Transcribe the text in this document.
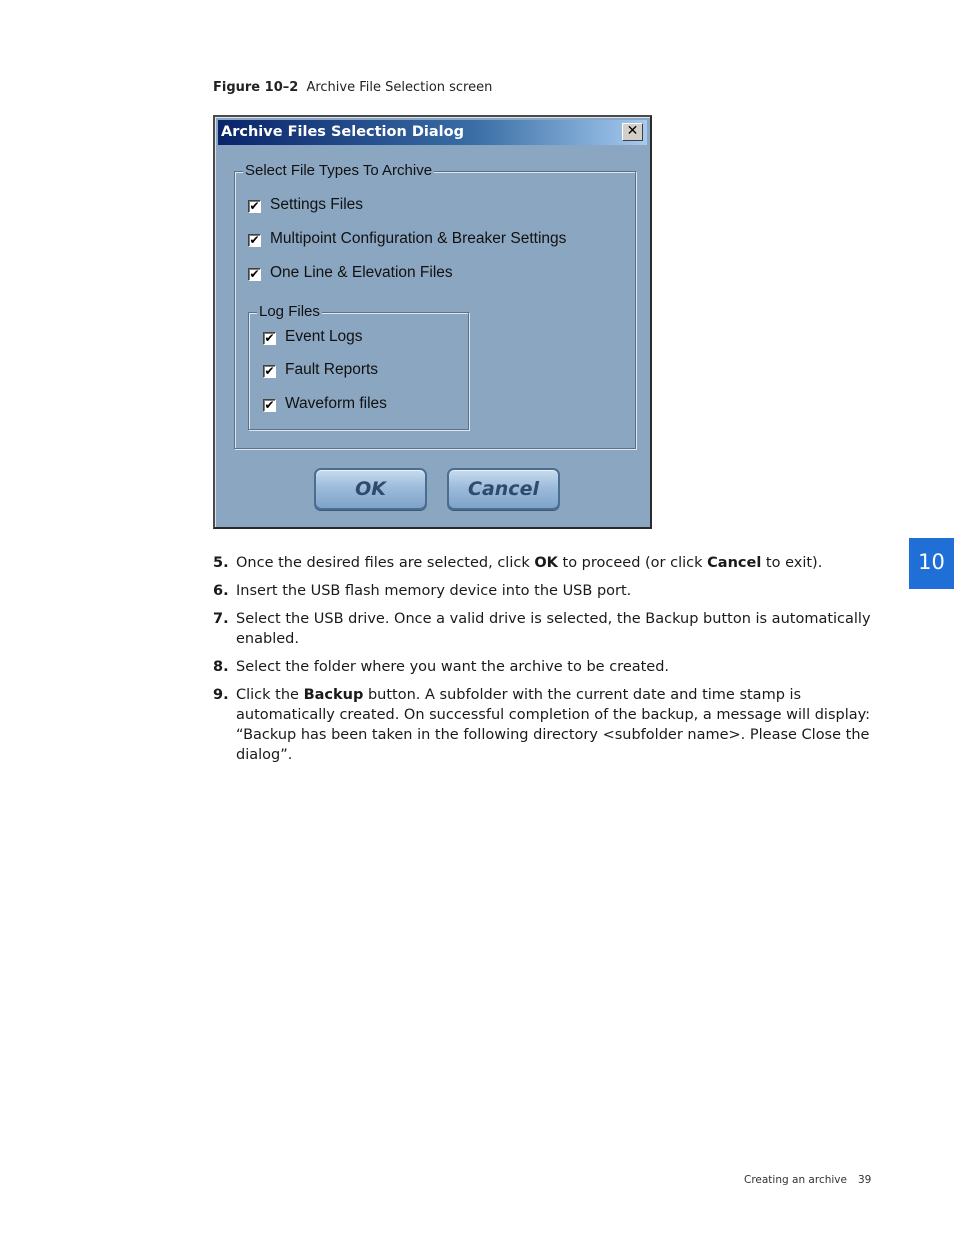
Figure 10–2 Archive File Selection screen
Archive Files Selection Dialog	✕
Select File Types To Archive
✔ Settings Files
✔ Multipoint Configuration & Breaker Settings
✔ One Line & Elevation Files
Log Files
✔ Event Logs
✔ Fault Reports
✔ Waveform files
OK	Cancel
5. Once the desired files are selected, click OK to proceed (or click Cancel to exit).
6. Insert the USB flash memory device into the USB port.
7. Select the USB drive. Once a valid drive is selected, the Backup button is automatically enabled.
8. Select the folder where you want the archive to be created.
9. Click the Backup button. A subfolder with the current date and time stamp is automatically created. On successful completion of the backup, a message will display: “Backup has been taken in the following directory <subfolder name>. Please Close the dialog”.
10
Creating an archive 39
